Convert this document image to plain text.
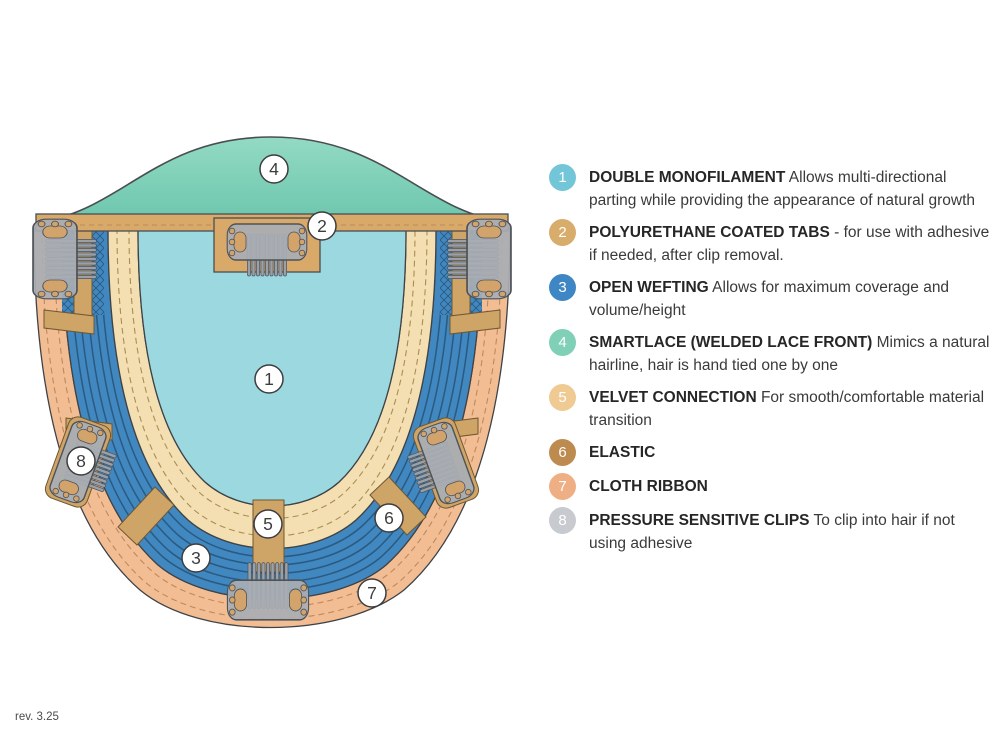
4
2
1
8
5	6
3
7
1 DOUBLE MONOFILAMENT Allows multi-directional parting while providing the appearance of natural growth

2 POLYURETHANE COATED TABS - for use with adhesive if needed, after clip removal.

3 OPEN WEFTING Allows for maximum coverage and volume/height

4 SMARTLACE (WELDED LACE FRONT) Mimics a natural hairline, hair is hand tied one by one

5 VELVET CONNECTION For smooth/comfortable material transition

6 ELASTIC

7 CLOTH RIBBON

8 PRESSURE SENSITIVE CLIPS To clip into hair if not using adhesive

rev. 3.25
